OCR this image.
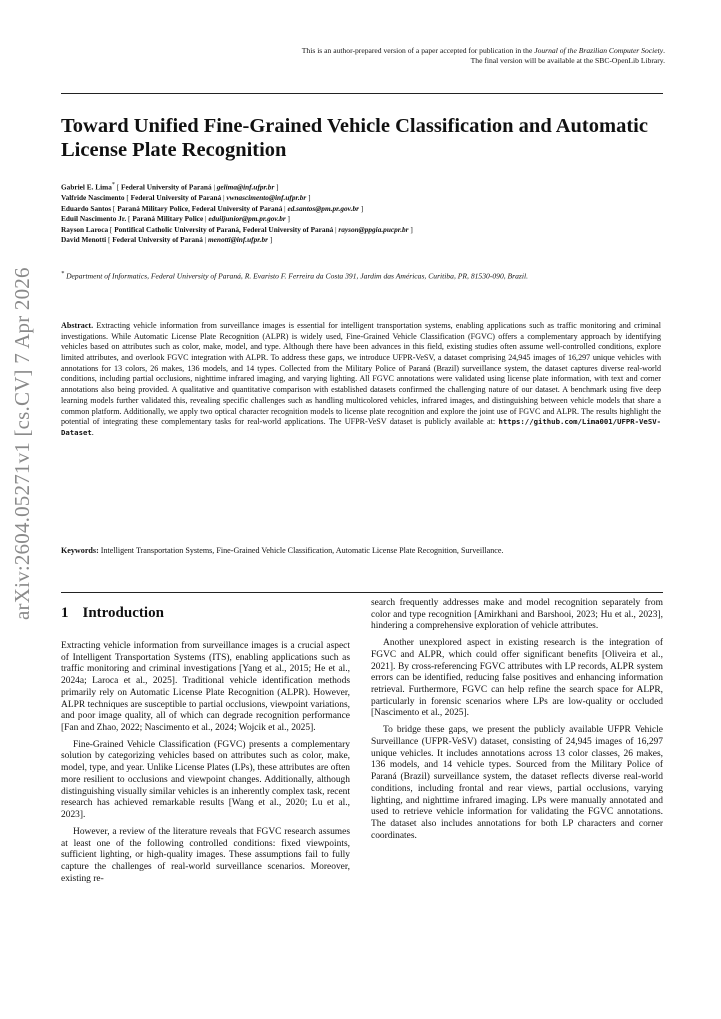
This is an author-prepared version of a paper accepted for publication in the Journal of the Brazilian Computer Society.
The final version will be available at the SBC-OpenLib Library.
Toward Unified Fine-Grained Vehicle Classification and Automatic License Plate Recognition
Gabriel E. Lima* [ Federal University of Paraná | gelima@inf.ufpr.br ]
Valfride Nascimento [ Federal University of Paraná | vwnascimento@inf.ufpr.br ]
Eduardo Santos [ Paraná Military Police, Federal University of Paraná | ed.santos@pm.pr.gov.br ]
Eduil Nascimento Jr. [ Paraná Military Police | eduiljunior@pm.pr.gov.br ]
Rayson Laroca [ Pontifical Catholic University of Paraná, Federal University of Paraná | rayson@ppgia.pucpr.br ]
David Menotti [ Federal University of Paraná | menotti@inf.ufpr.br ]
* Department of Informatics, Federal University of Paraná, R. Evaristo F. Ferreira da Costa 391, Jardim das Américas, Curitiba, PR, 81530-090, Brazil.
Abstract. Extracting vehicle information from surveillance images is essential for intelligent transportation systems, enabling applications such as traffic monitoring and criminal investigations. While Automatic License Plate Recognition (ALPR) is widely used, Fine-Grained Vehicle Classification (FGVC) offers a complementary approach by identifying vehicles based on attributes such as color, make, model, and type. Although there have been advances in this field, existing studies often assume well-controlled conditions, explore limited attributes, and overlook FGVC integration with ALPR. To address these gaps, we introduce UFPR-VeSV, a dataset comprising 24,945 images of 16,297 unique vehicles with annotations for 13 colors, 26 makes, 136 models, and 14 types. Collected from the Military Police of Paraná (Brazil) surveillance system, the dataset captures diverse real-world conditions, including partial occlusions, nighttime infrared imaging, and varying lighting. All FGVC annotations were validated using license plate information, with text and corner annotations also being provided. A qualitative and quantitative comparison with established datasets confirmed the challenging nature of our dataset. A benchmark using five deep learning models further validated this, revealing specific challenges such as handling multicolored vehicles, infrared images, and distinguishing between vehicle models that share a common platform. Additionally, we apply two optical character recognition models to license plate recognition and explore the joint use of FGVC and ALPR. The results highlight the potential of integrating these complementary tasks for real-world applications. The UFPR-VeSV dataset is publicly available at: https://github.com/Lima001/UFPR-VeSV-Dataset.
Keywords: Intelligent Transportation Systems, Fine-Grained Vehicle Classification, Automatic License Plate Recognition, Surveillance.
arXiv:2604.05271v1 [cs.CV] 7 Apr 2026 1 Introduction

Extracting vehicle information from surveillance images is a crucial aspect of Intelligent Transportation Systems (ITS), enabling applications such as traffic monitoring and criminal investigations [Yang et al., 2015; He et al., 2024a; Laroca et al., 2025]. Traditional vehicle identification methods primarily rely on Automatic License Plate Recognition (ALPR). However, ALPR techniques are susceptible to partial occlusions, viewpoint variations, and poor image quality, all of which can degrade recognition performance [Fan and Zhao, 2022; Nascimento et al., 2024; Wojcik et al., 2025].

Fine-Grained Vehicle Classification (FGVC) presents a complementary solution by categorizing vehicles based on attributes such as color, make, model, type, and year. Unlike License Plates (LPs), these attributes are often more resilient to occlusions and viewpoint changes. Additionally, although distinguishing visually similar vehicles is an inherently complex task, recent research has achieved remarkable results [Wang et al., 2020; Lu et al., 2023].

However, a review of the literature reveals that FGVC research assumes at least one of the following controlled conditions: fixed viewpoints, sufficient lighting, or high-quality images. These assumptions fail to fully capture the challenges of real-world surveillance scenarios. Moreover, existing re-

search frequently addresses make and model recognition separately from color and type recognition [Amirkhani and Barshooi, 2023; Hu et al., 2023], hindering a comprehensive exploration of vehicle attributes.

Another unexplored aspect in existing research is the integration of FGVC and ALPR, which could offer significant benefits [Oliveira et al., 2021]. By cross-referencing FGVC attributes with LP records, ALPR system errors can be identified, reducing false positives and enhancing information retrieval. Furthermore, FGVC can help refine the search space for ALPR, particularly in forensic scenarios where LPs are low-quality or occluded [Nascimento et al., 2025].

To bridge these gaps, we present the publicly available UFPR Vehicle Surveillance (UFPR-VeSV) dataset, consisting of 24,945 images of 16,297 unique vehicles. It includes annotations across 13 color classes, 26 makes, 136 models, and 14 vehicle types. Sourced from the Military Police of Paraná (Brazil) surveillance system, the dataset reflects diverse real-world conditions, including frontal and rear views, partial occlusions, varying lighting, and nighttime infrared imaging. LPs were manually annotated and used to retrieve vehicle information for validating the FGVC annotations. The dataset also includes annotations for both LP characters and corner coordinates.
